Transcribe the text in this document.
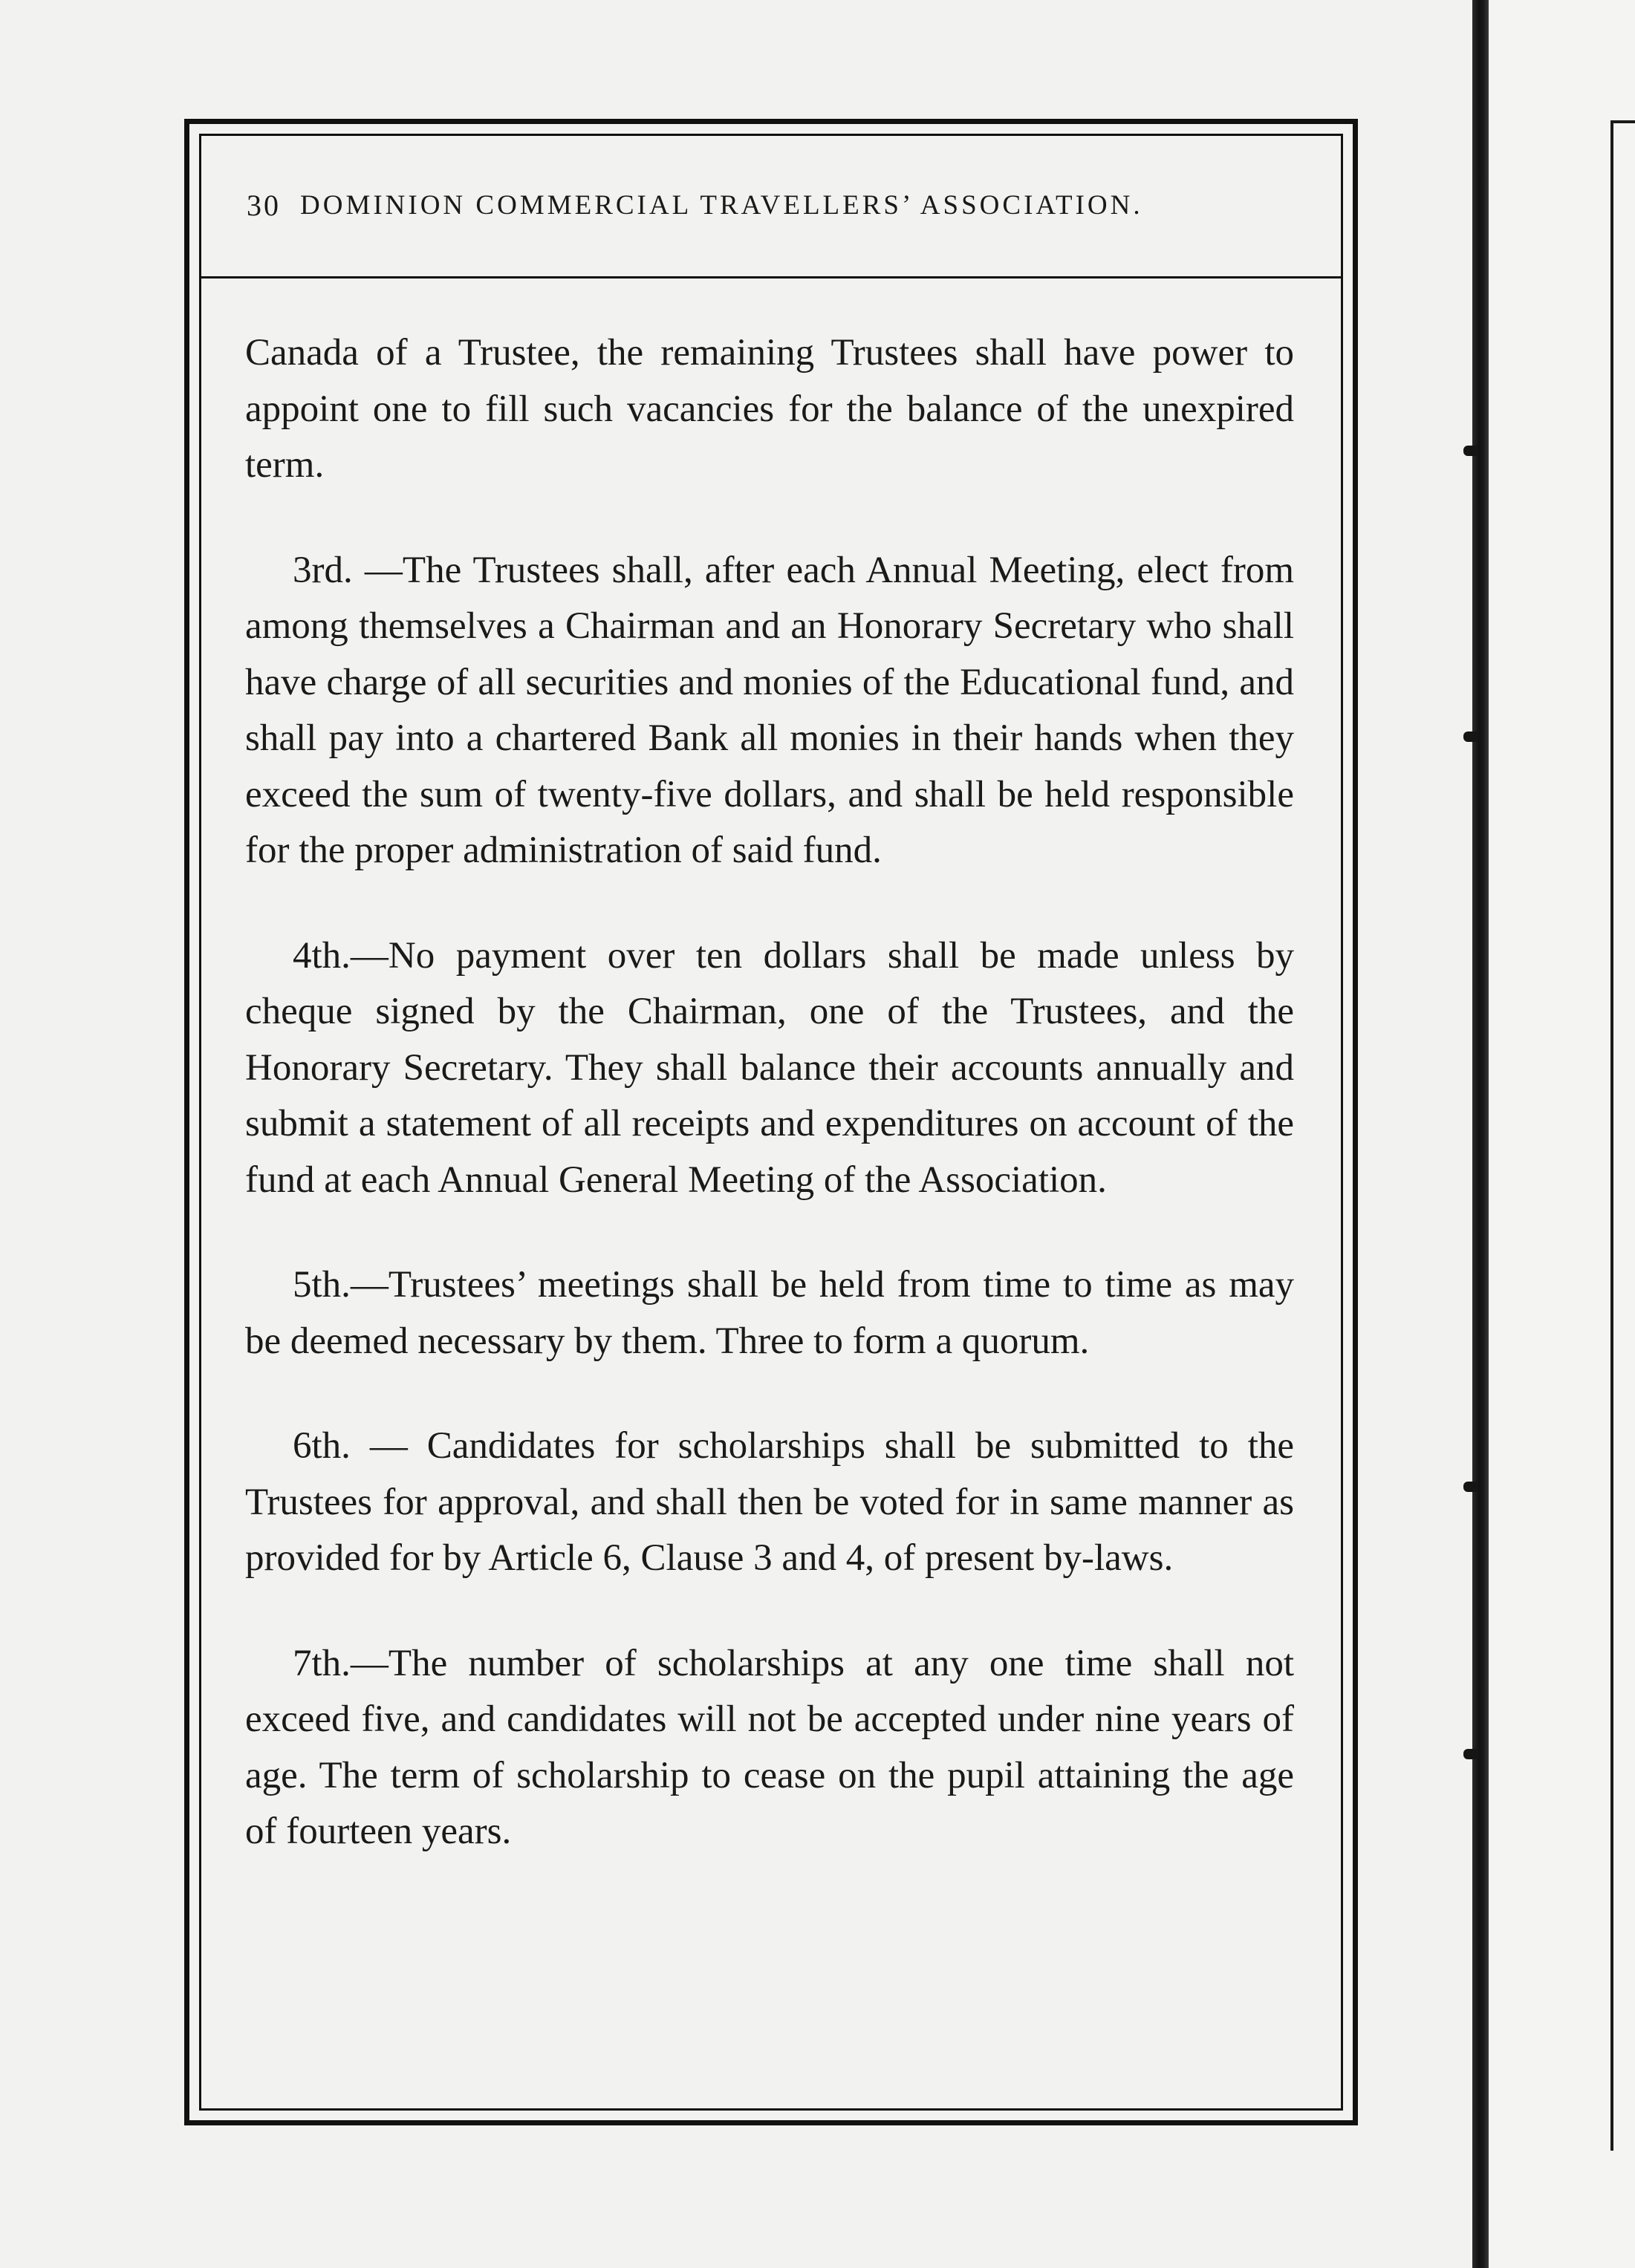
30 DOMINION COMMERCIAL TRAVELLERS’ ASSOCIATION.

Canada of a Trustee, the remaining Trustees shall have power to appoint one to fill such vacancies for the balance of the unexpired term.

3rd. —The Trustees shall, after each Annual Meeting, elect from among themselves a Chairman and an Honorary Secretary who shall have charge of all securities and monies of the Educational fund, and shall pay into a chartered Bank all monies in their hands when they exceed the sum of twenty-five dollars, and shall be held responsible for the proper administration of said fund.

4th.—No payment over ten dollars shall be made unless by cheque signed by the Chairman, one of the Trustees, and the Honorary Secretary. They shall balance their accounts annually and submit a statement of all receipts and expenditures on account of the fund at each Annual General Meeting of the Association.

5th.—Trustees’ meetings shall be held from time to time as may be deemed necessary by them. Three to form a quorum.

6th. — Candidates for scholarships shall be submitted to the Trustees for approval, and shall then be voted for in same manner as provided for by Article 6, Clause 3 and 4, of present by-laws.

7th.—The number of scholarships at any one time shall not exceed five, and candidates will not be accepted under nine years of age. The term of scholarship to cease on the pupil attaining the age of fourteen years.
